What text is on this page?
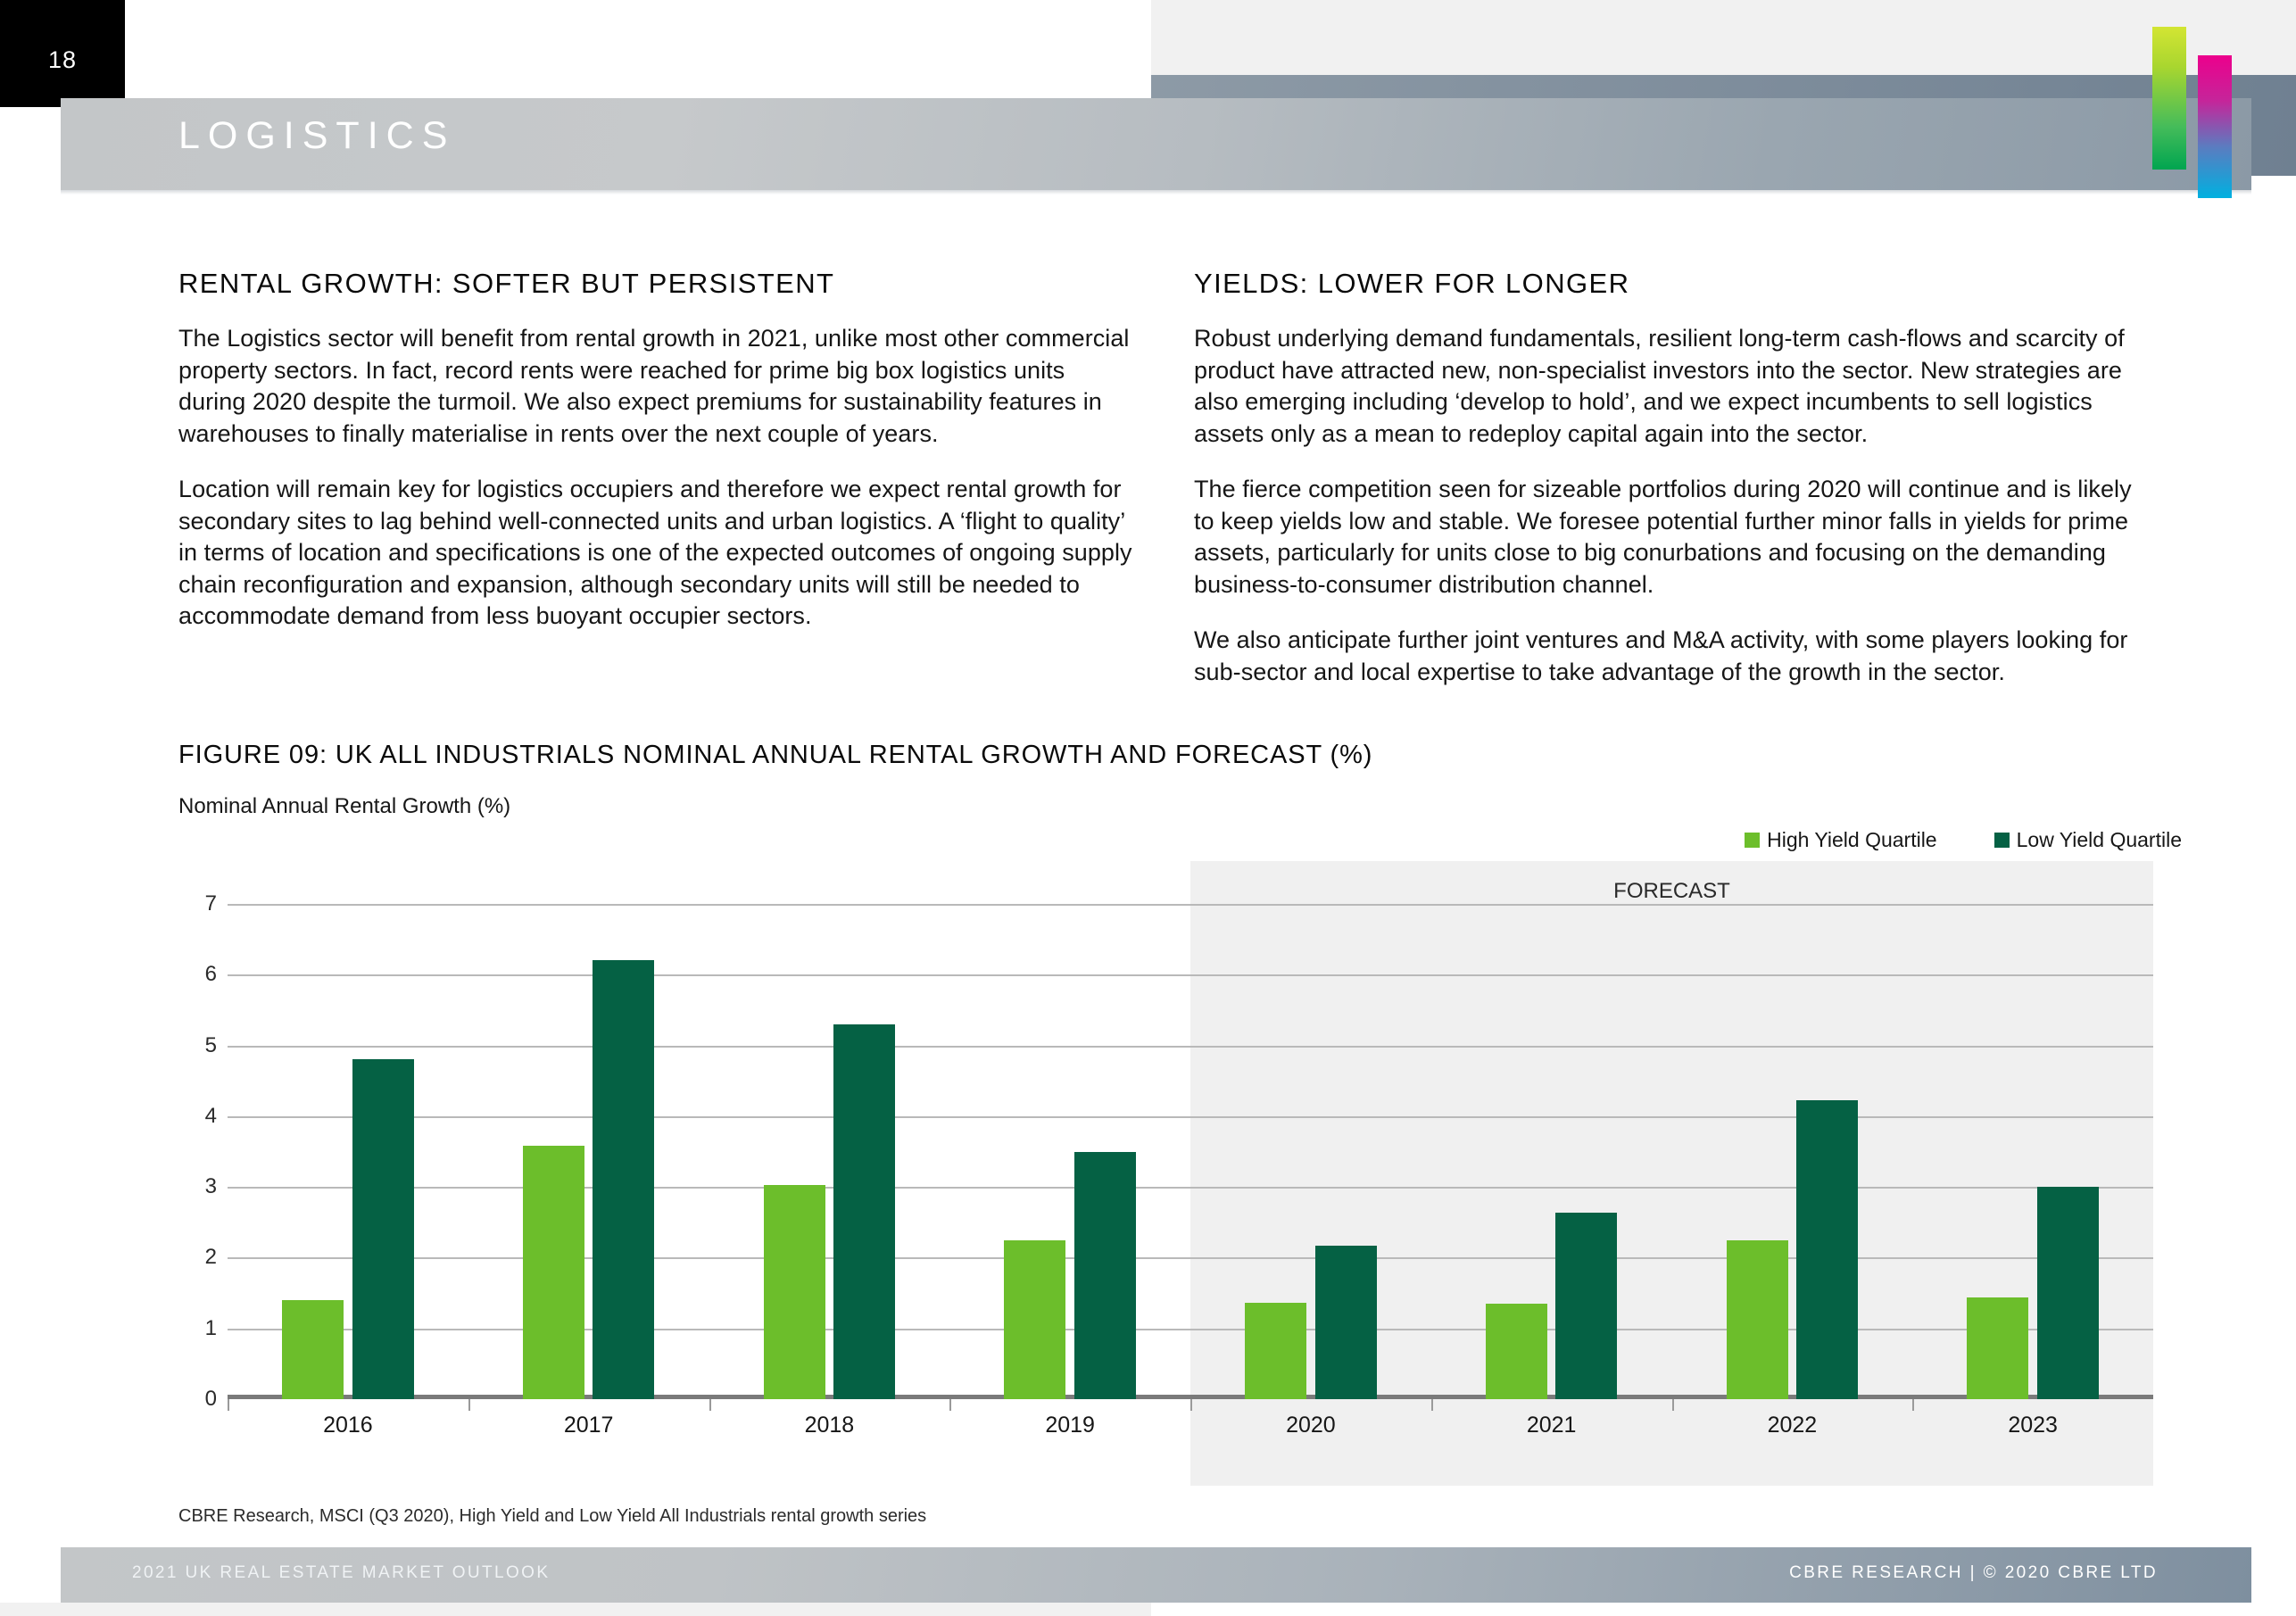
18
LOGISTICS
RENTAL GROWTH: SOFTER BUT PERSISTENT

The Logistics sector will benefit from rental growth in 2021, unlike most other commercial property sectors. In fact, record rents were reached for prime big box logistics units during 2020 despite the turmoil. We also expect premiums for sustainability features in warehouses to finally materialise in rents over the next couple of years.

Location will remain key for logistics occupiers and therefore we expect rental growth for secondary sites to lag behind well-connected units and urban logistics. A ‘flight to quality’ in terms of location and specifications is one of the expected outcomes of ongoing supply chain reconfiguration and expansion, although secondary units will still be needed to accommodate demand from less buoyant occupier sectors.

YIELDS: LOWER FOR LONGER

Robust underlying demand fundamentals, resilient long-term cash-flows and scarcity of product have attracted new, non-specialist investors into the sector. New strategies are also emerging including ‘develop to hold’, and we expect incumbents to sell logistics assets only as a mean to redeploy capital again into the sector.

The fierce competition seen for sizeable portfolios during 2020 will continue and is likely to keep yields low and stable. We foresee potential further minor falls in yields for prime assets, particularly for units close to big conurbations and focusing on the demanding business-to-consumer distribution channel.

We also anticipate further joint ventures and M&A activity, with some players looking for sub-sector and local expertise to take advantage of the growth in the sector.

FIGURE 09: UK ALL INDUSTRIALS NOMINAL ANNUAL RENTAL GROWTH AND FORECAST (%)
Nominal Annual Rental Growth (%)
High Yield Quartile	Low Yield Quartile
FORECAST
0
1
2
3
4
5
6
7
2016	2017	2018	2019	2020	2021	2022	2023
CBRE Research, MSCI (Q3 2020), High Yield and Low Yield All Industrials rental growth series
2021 UK REAL ESTATE MARKET OUTLOOK	CBRE RESEARCH | © 2020 CBRE LTD
